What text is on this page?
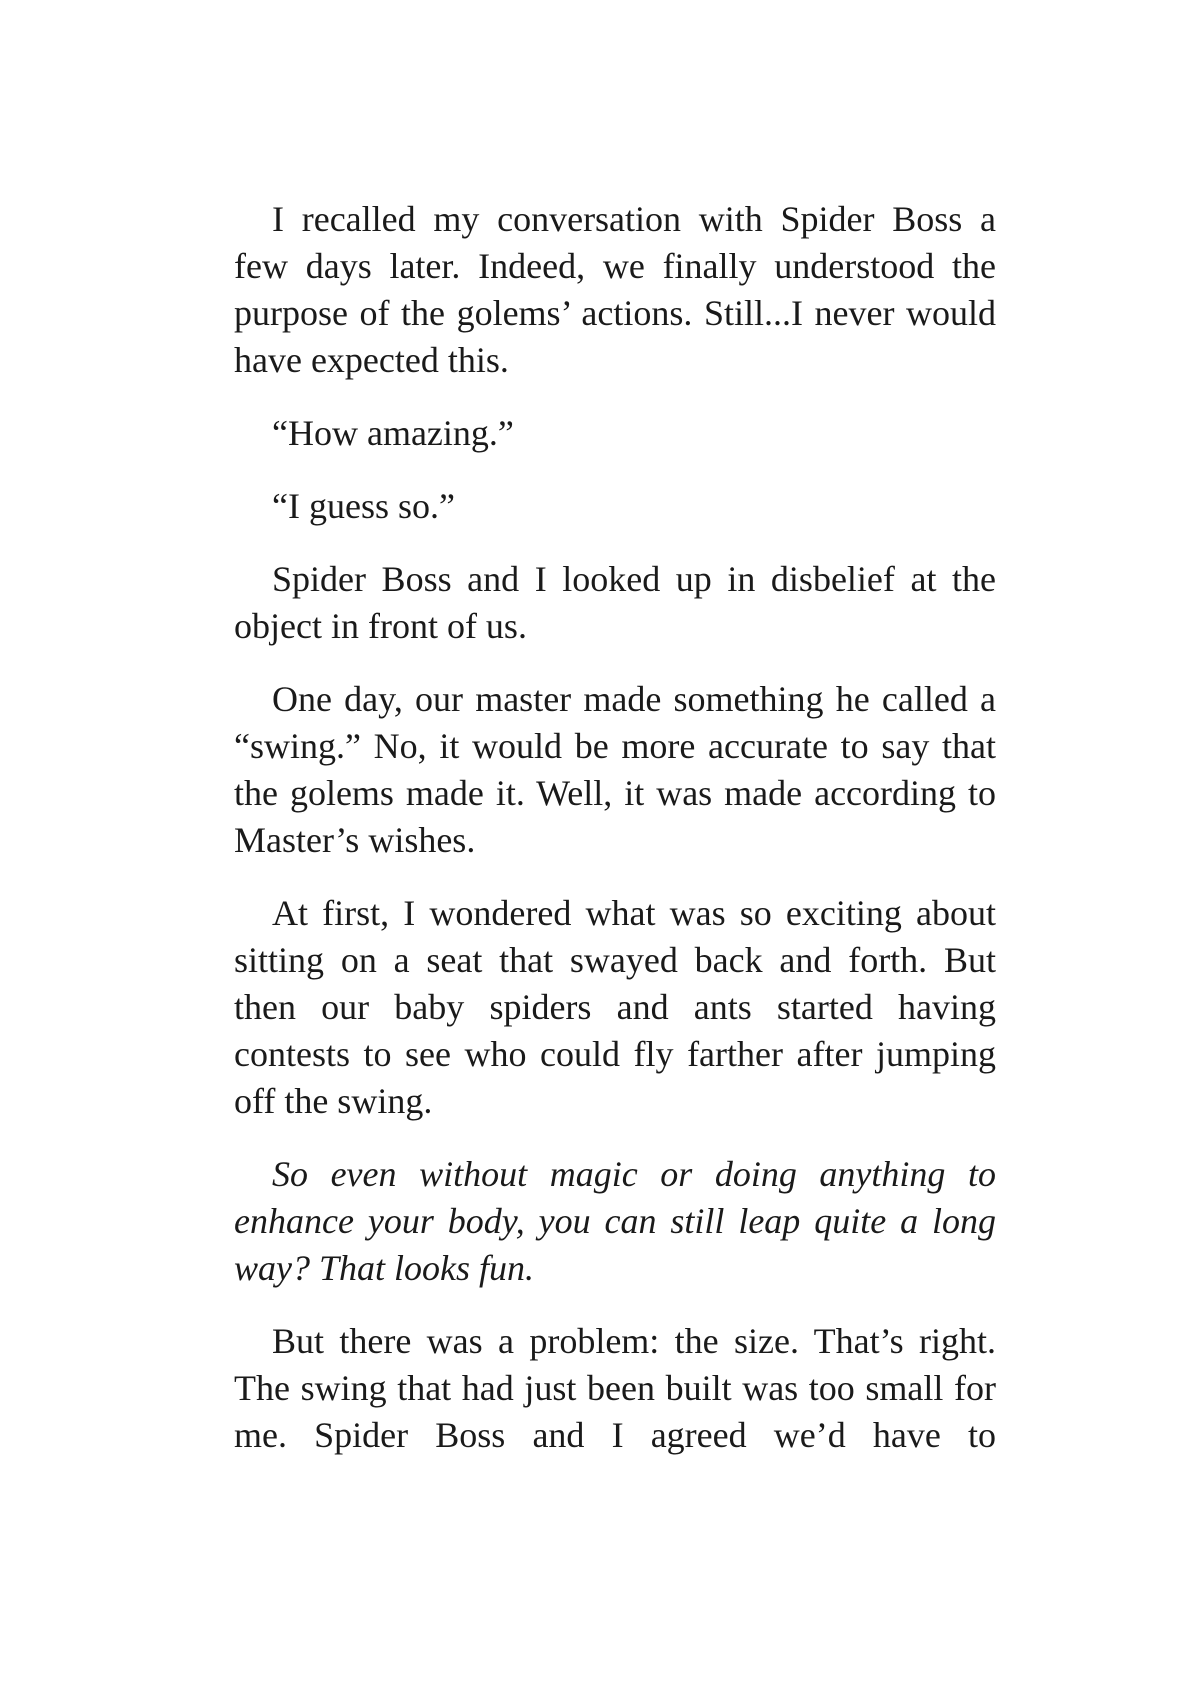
I recalled my conversation with Spider Boss a few days later. Indeed, we finally understood the purpose of the golems’ actions. Still...I never would have expected this.

“How amazing.”

“I guess so.”

Spider Boss and I looked up in disbelief at the object in front of us.

One day, our master made something he called a “swing.” No, it would be more accurate to say that the golems made it. Well, it was made according to Master’s wishes.

At first, I wondered what was so exciting about sitting on a seat that swayed back and forth. But then our baby spiders and ants started having contests to see who could fly farther after jumping off the swing.

So even without magic or doing anything to enhance your body, you can still leap quite a long way? That looks fun.

But there was a problem: the size. That’s right. The swing that had just been built was too small for me. Spider Boss and I agreed we’d have to
